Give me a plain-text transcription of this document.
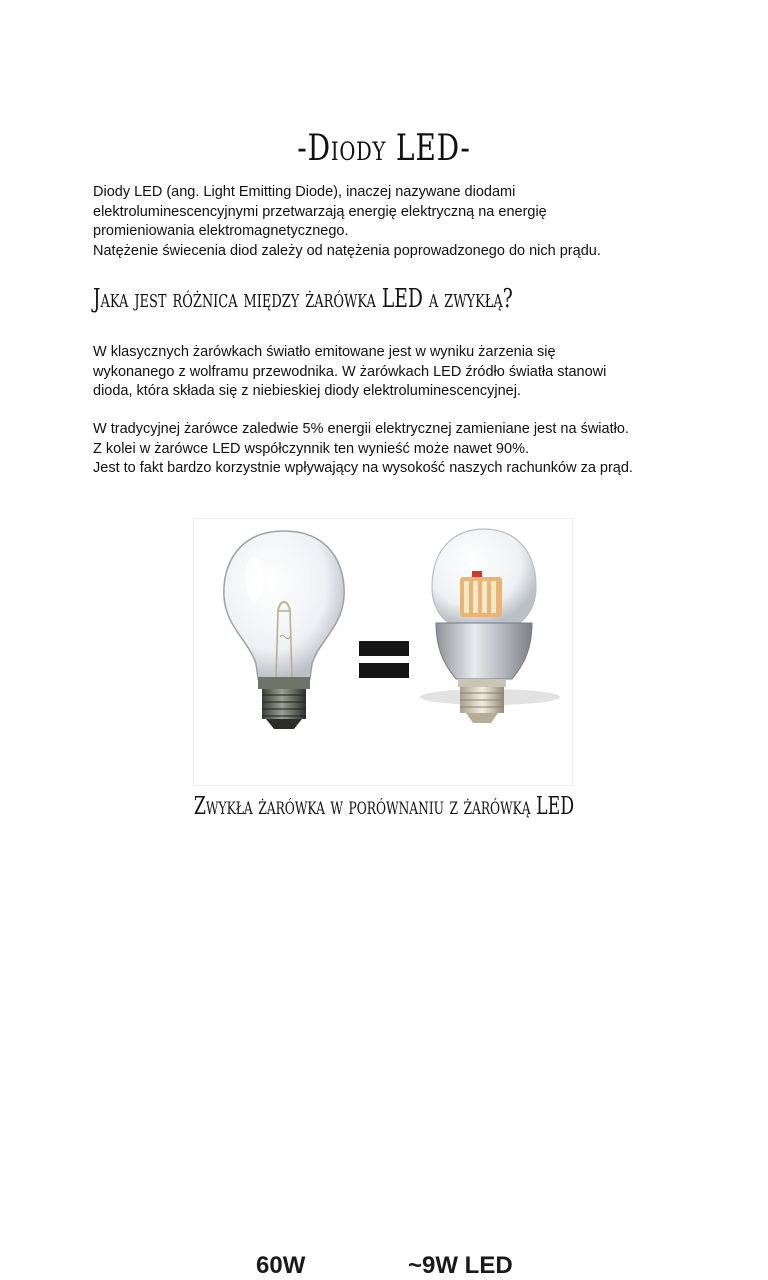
-Diody LED-

Diody LED (ang. Light Emitting Diode), inaczej nazywane diodami

elektroluminescencyjnymi przetwarzają energię elektryczną na energię

promieniowania elektromagnetycznego.

Natężenie świecenia diod zależy od natężenia poprowadzonego do nich prądu.

Jaka jest różnica między żarówka LED a zwykłą?

W klasycznych żarówkach światło emitowane jest w wyniku żarzenia się

wykonanego z wolframu przewodnika. W żarówkach LED źródło światła stanowi

dioda, która składa się z niebieskiej diody elektroluminescencyjnej.

W tradycyjnej żarówce zaledwie 5% energii elektrycznej zamieniane jest na światło.

Z kolei w żarówce LED współczynnik ten wynieść może nawet 90%.

Jest to fakt bardzo korzystnie wpływający na wysokość naszych rachunków za prąd.

60W	~9W LED
Zwykła żarówka w porównaniu z żarówką LED
